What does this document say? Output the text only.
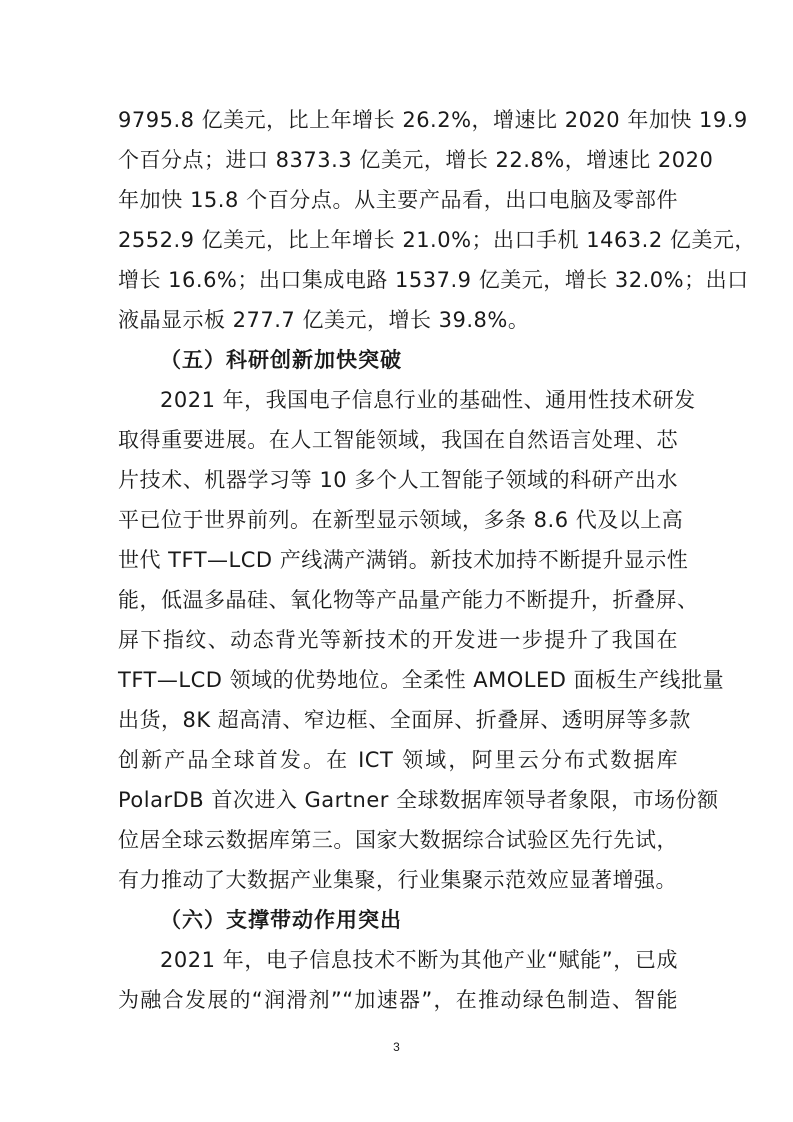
9795.8 亿美元，比上年增长 26.2%，增速比 2020 年加快 19.9
个百分点；进口 8373.3 亿美元，增长 22.8%，增速比 2020
年加快 15.8 个百分点。从主要产品看，出口电脑及零部件
2552.9 亿美元，比上年增长 21.0%；出口手机 1463.2 亿美元，
增长 16.6%；出口集成电路 1537.9 亿美元，增长 32.0%；出口
液晶显示板 277.7 亿美元，增长 39.8%。
（五）科研创新加快突破
2021 年，我国电子信息行业的基础性、通用性技术研发
取得重要进展。在人工智能领域，我国在自然语言处理、芯
片技术、机器学习等 10 多个人工智能子领域的科研产出水
平已位于世界前列。在新型显示领域，多条 8.6 代及以上高
世代 TFT—LCD 产线满产满销。新技术加持不断提升显示性
能，低温多晶硅、氧化物等产品量产能力不断提升，折叠屏、
屏下指纹、动态背光等新技术的开发进一步提升了我国在
TFT—LCD 领域的优势地位。全柔性 AMOLED 面板生产线批量
出货，8K 超高清、窄边框、全面屏、折叠屏、透明屏等多款
创新产品全球首发。在 ICT 领域，阿里云分布式数据库
PolarDB 首次进入 Gartner 全球数据库领导者象限，市场份额
位居全球云数据库第三。国家大数据综合试验区先行先试，
有力推动了大数据产业集聚，行业集聚示范效应显著增强。
（六）支撑带动作用突出
2021 年，电子信息技术不断为其他产业“赋能”，已成
为融合发展的“润滑剂”“加速器”，在推动绿色制造、智能
3
